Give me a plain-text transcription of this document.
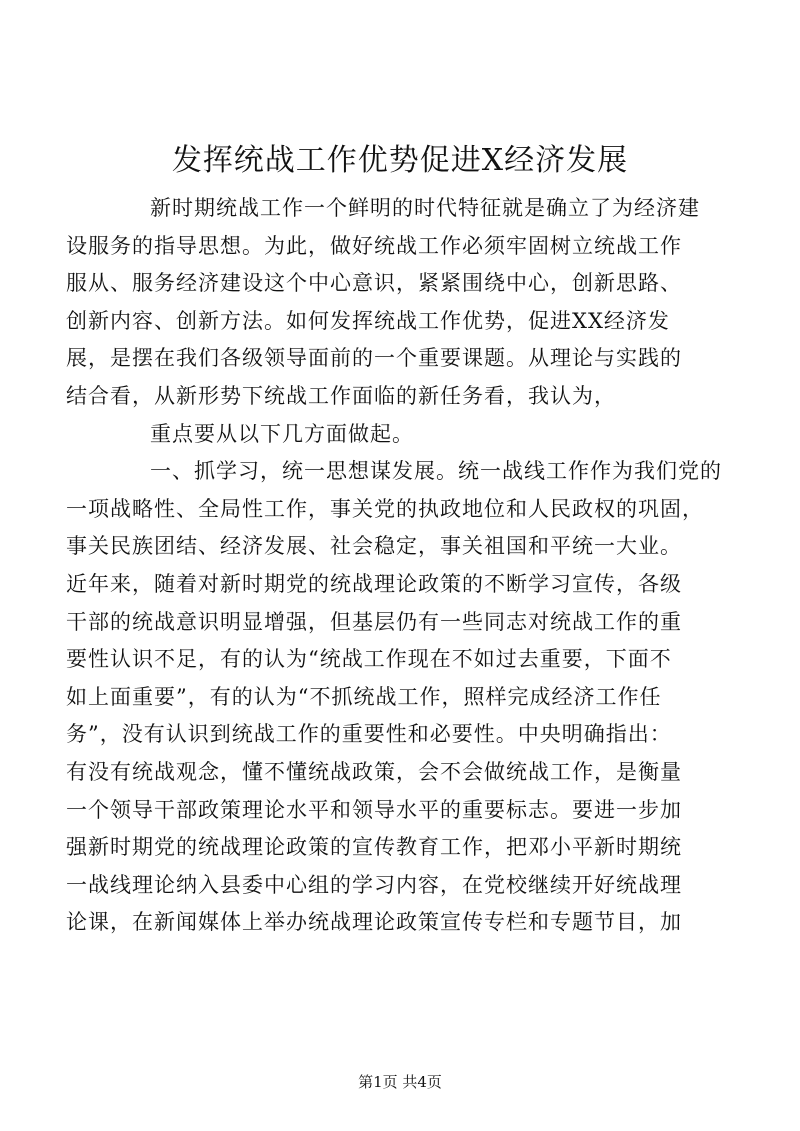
发挥统战工作优势促进X经济发展

新时期统战工作一个鲜明的时代特征就是确立了为经济建
设服务的指导思想。为此，做好统战工作必须牢固树立统战工作
服从、服务经济建设这个中心意识，紧紧围绕中心，创新思路、
创新内容、创新方法。如何发挥统战工作优势，促进XX经济发
展，是摆在我们各级领导面前的一个重要课题。从理论与实践的
结合看，从新形势下统战工作面临的新任务看，我认为，

重点要从以下几方面做起。

一、抓学习，统一思想谋发展。统一战线工作作为我们党的
一项战略性、全局性工作，事关党的执政地位和人民政权的巩固，
事关民族团结、经济发展、社会稳定，事关祖国和平统一大业。
近年来，随着对新时期党的统战理论政策的不断学习宣传，各级
干部的统战意识明显增强，但基层仍有一些同志对统战工作的重
要性认识不足，有的认为“统战工作现在不如过去重要，下面不
如上面重要”，有的认为“不抓统战工作，照样完成经济工作任
务”，没有认识到统战工作的重要性和必要性。中央明确指出：
有没有统战观念，懂不懂统战政策，会不会做统战工作，是衡量
一个领导干部政策理论水平和领导水平的重要标志。要进一步加
强新时期党的统战理论政策的宣传教育工作，把邓小平新时期统
一战线理论纳入县委中心组的学习内容，在党校继续开好统战理
论课，在新闻媒体上举办统战理论政策宣传专栏和专题节目，加

第1页 共4页
